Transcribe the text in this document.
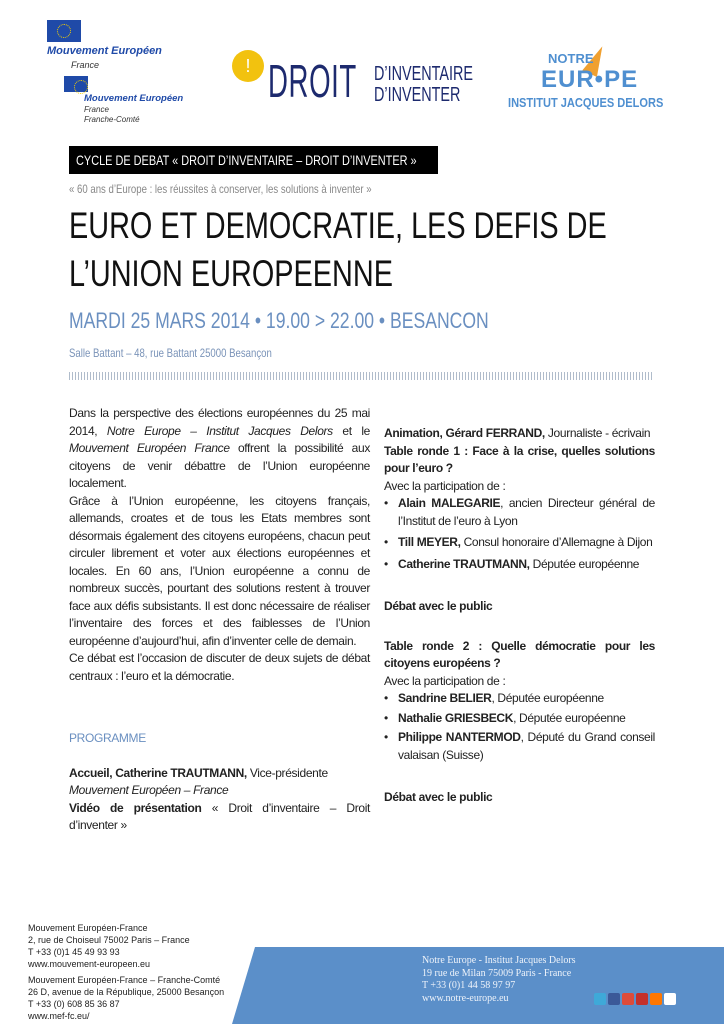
Mouvement Européen
France
Mouvement Européen
France
Franche-Comté
! DROIT D’INVENTAIRE
D’INVENTER
NOTRE
EUR•PE
INSTITUT JACQUES DELORS
CYCLE DE DEBAT « DROIT D’INVENTAIRE – DROIT D’INVENTER »
« 60 ans d’Europe : les réussites à conserver, les solutions à inventer »
EURO ET DEMOCRATIE, LES DEFIS DE L’UNION EUROPEENNE
MARDI 25 MARS 2014 • 19.00 > 22.00 • BESANCON
Salle Battant – 48, rue Battant 25000 Besançon

Dans la perspective des élections européennes du 25 mai 2014, Notre Europe – Institut Jacques Delors et le Mouvement Européen France offrent la possibilité aux citoyens de venir débattre de l’Union européenne localement.

Grâce à l’Union européenne, les citoyens français, allemands, croates et de tous les Etats membres sont désormais également des citoyens européens, chacun peut circuler librement et voter aux élections européennes et locales. En 60 ans, l’Union européenne a connu de nombreux succès, pourtant des solutions restent à trouver face aux défis subsistants. Il est donc nécessaire de réaliser l’inventaire des forces et des faiblesses de l’Union européenne d’aujourd’hui, afin d’inventer celle de demain.

Ce débat est l’occasion de discuter de deux sujets de débat centraux : l’euro et la démocratie.

PROGRAMME

Accueil, Catherine TRAUTMANN, Vice-présidente
Mouvement Européen – France

Vidéo de présentation « Droit d’inventaire – Droit d’inventer »

Animation, Gérard FERRAND, Journaliste - écrivain

Table ronde 1 : Face à la crise, quelles solutions pour l’euro ?

Avec la participation de :

• Alain MALEGARIE, ancien Directeur général de l’Institut de l’euro à Lyon
• Till MEYER, Consul honoraire d’Allemagne à Dijon
• Catherine TRAUTMANN, Députée européenne

Débat avec le public

Table ronde 2 : Quelle démocratie pour les citoyens européens ?

Avec la participation de :

• Sandrine BELIER, Députée européenne
• Nathalie GRIESBECK, Députée européenne
• Philippe NANTERMOD, Député du Grand conseil valaisan (Suisse)

Débat avec le public

Mouvement Européen-France
2, rue de Choiseul 75002 Paris – France
T +33 (0)1 45 49 93 93
www.mouvement-europeen.eu
Mouvement Européen-France – Franche-Comté
26 D, avenue de la République, 25000 Besançon
T +33 (0) 608 85 36 87
www.mef-fc.eu/
Notre Europe - Institut Jacques Delors
19 rue de Milan 75009 Paris - France
T +33 (0)1 44 58 97 97
www.notre-europe.eu
